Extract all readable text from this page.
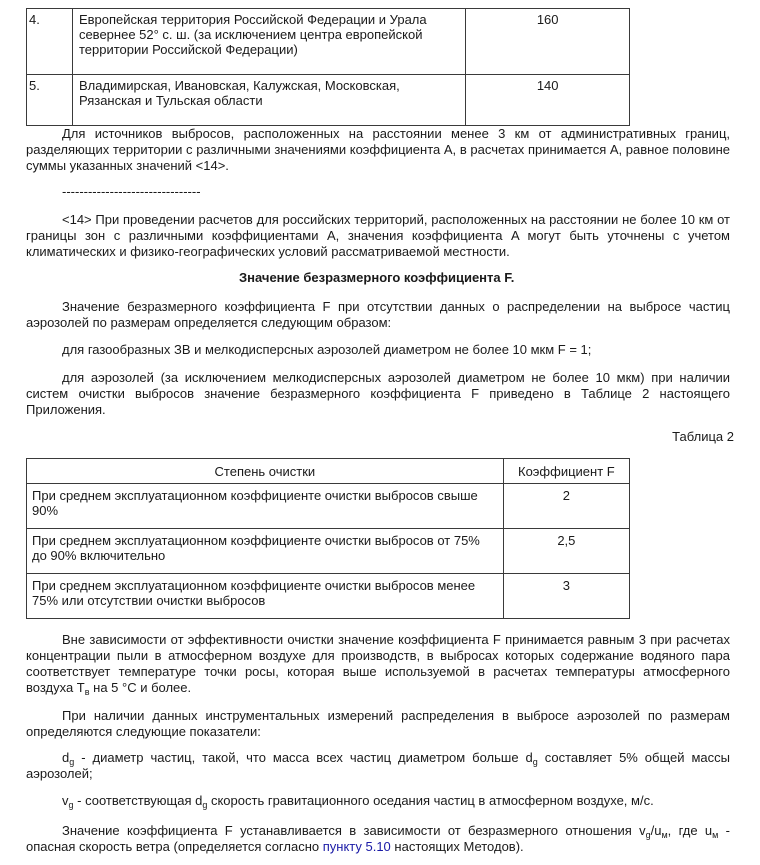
4.	Европейская территория Российской Федерации и Урала севернее 52° с. ш. (за исключением центра европейской территории Российской Федерации)	160
5.	Владимирская, Ивановская, Калужская, Московская, Рязанская и Тульская области	140
Для источников выбросов, расположенных на расстоянии менее 3 км от административных границ, разделяющих территории с различными значениями коэффициента A, в расчетах принимается A, равное половине суммы указанных значений <14>.
--------------------------------
<14> При проведении расчетов для российских территорий, расположенных на расстоянии не более 10 км от границы зон с различными коэффициентами A, значения коэффициента A могут быть уточнены с учетом климатических и физико-географических условий рассматриваемой местности.
Значение безразмерного коэффициента F.
Значение безразмерного коэффициента F при отсутствии данных о распределении на выбросе частиц аэрозолей по размерам определяется следующим образом:
для газообразных ЗВ и мелкодисперсных аэрозолей диаметром не более 10 мкм F = 1;
для аэрозолей (за исключением мелкодисперсных аэрозолей диаметром не более 10 мкм) при наличии систем очистки выбросов значение безразмерного коэффициента F приведено в Таблице 2 настоящего Приложения.
Таблица 2
Степень очистки	Коэффициент F
При среднем эксплуатационном коэффициенте очистки выбросов свыше 90%	2
При среднем эксплуатационном коэффициенте очистки выбросов от 75% до 90% включительно	2,5
При среднем эксплуатационном коэффициенте очистки выбросов менее 75% или отсутствии очистки выбросов	3
Вне зависимости от эффективности очистки значение коэффициента F принимается равным 3 при расчетах концентрации пыли в атмосферном воздухе для производств, в выбросах которых содержание водяного пара соответствует температуре точки росы, которая выше используемой в расчетах температуры атмосферного воздуха $T_в$ на 5 °C и более.
При наличии данных инструментальных измерений распределения в выбросе аэрозолей по размерам определяются следующие показатели:
$d_g$ - диаметр частиц, такой, что масса всех частиц диаметром больше $d_g$ составляет 5% общей массы аэрозолей;
$v_g$ - соответствующая $d_g$ скорость гравитационного оседания частиц в атмосферном воздухе, м/с.
Значение коэффициента F устанавливается в зависимости от безразмерного отношения $v_g/u_м$, где $u_м$ - опасная скорость ветра (определяется согласно пункту 5.10 настоящих Методов).
